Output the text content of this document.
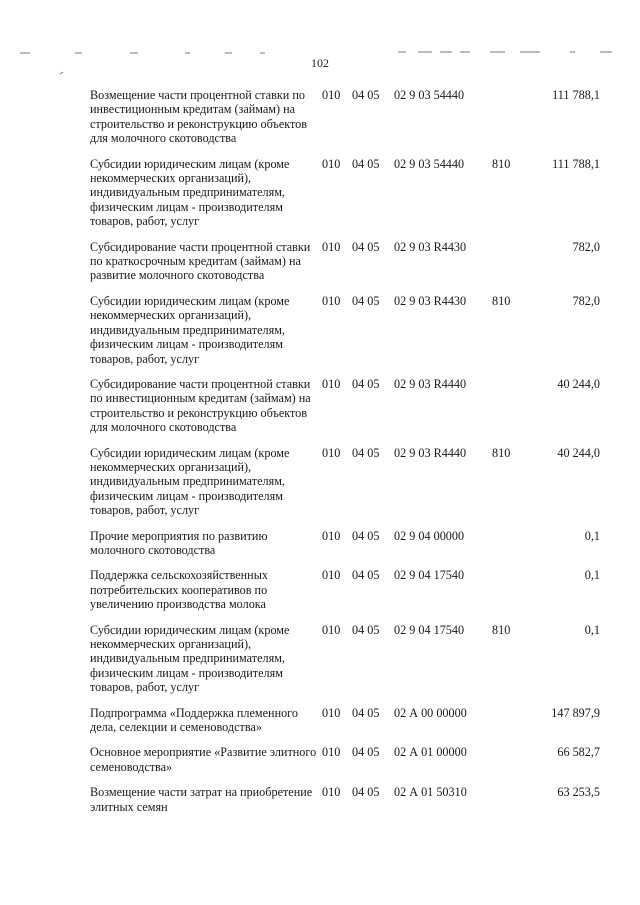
102
Возмещение части процентной ставки по инвестиционным кредитам (займам) на строительство и реконструкцию объектов для молочного скотоводства	010	04 05	02 9 03 54440		111 788,1
Субсидии юридическим лицам (кроме некоммерческих организаций), индивидуальным предпринимателям, физическим лицам - производителям товаров, работ, услуг	010	04 05	02 9 03 54440	810	111 788,1
Субсидирование части процентной ставки по краткосрочным кредитам (займам) на развитие молочного скотоводства	010	04 05	02 9 03 R4430		782,0
Субсидии юридическим лицам (кроме некоммерческих организаций), индивидуальным предпринимателям, физическим лицам - производителям товаров, работ, услуг	010	04 05	02 9 03 R4430	810	782,0
Субсидирование части процентной ставки по инвестиционным кредитам (займам) на строительство и реконструкцию объектов для молочного скотоводства	010	04 05	02 9 03 R4440		40 244,0
Субсидии юридическим лицам (кроме некоммерческих организаций), индивидуальным предпринимателям, физическим лицам - производителям товаров, работ, услуг	010	04 05	02 9 03 R4440	810	40 244,0
Прочие мероприятия по развитию молочного скотоводства	010	04 05	02 9 04 00000		0,1
Поддержка сельскохозяйственных потребительских кооперативов по увеличению производства молока	010	04 05	02 9 04 17540		0,1
Субсидии юридическим лицам (кроме некоммерческих организаций), индивидуальным предпринимателям, физическим лицам - производителям товаров, работ, услуг	010	04 05	02 9 04 17540	810	0,1
Подпрограмма «Поддержка племенного дела, селекции и семеноводства»	010	04 05	02 А 00 00000		147 897,9
Основное мероприятие «Развитие элитного семеноводства»	010	04 05	02 А 01 00000		66 582,7
Возмещение части затрат на приобретение элитных семян	010	04 05	02 А 01 50310		63 253,5
